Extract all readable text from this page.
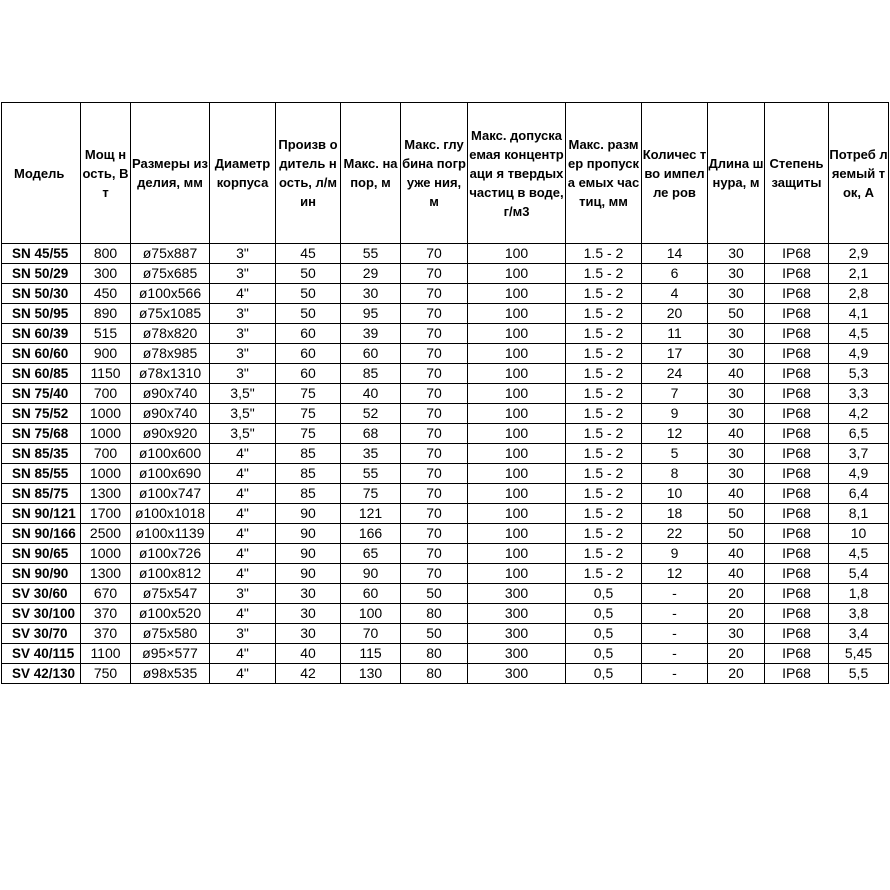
Модель	Мощ ность, Вт	Размеры изделия, мм	Диаметр корпуса	Произв одитель ность, л/мин	Макс. напор, м	Макс. глубина погруже ния, м	Макс. допускаемая концентраци я твердых частиц в воде, г/м3	Макс. размер пропуска емых частиц, мм	Количес тво импелле ров	Длина шнура, м	Степень защиты	Потреб ляемый ток, А
SN 45/55	800	ø75x887	3"	45	55	70	100	1.5 - 2	14	30	IP68	2,9
SN 50/29	300	ø75x685	3"	50	29	70	100	1.5 - 2	6	30	IP68	2,1
SN 50/30	450	ø100x566	4"	50	30	70	100	1.5 - 2	4	30	IP68	2,8
SN 50/95	890	ø75x1085	3"	50	95	70	100	1.5 - 2	20	50	IP68	4,1
SN 60/39	515	ø78x820	3"	60	39	70	100	1.5 - 2	11	30	IP68	4,5
SN 60/60	900	ø78x985	3"	60	60	70	100	1.5 - 2	17	30	IP68	4,9
SN 60/85	1150	ø78x1310	3"	60	85	70	100	1.5 - 2	24	40	IP68	5,3
SN 75/40	700	ø90x740	3,5"	75	40	70	100	1.5 - 2	7	30	IP68	3,3
SN 75/52	1000	ø90x740	3,5"	75	52	70	100	1.5 - 2	9	30	IP68	4,2
SN 75/68	1000	ø90x920	3,5"	75	68	70	100	1.5 - 2	12	40	IP68	6,5
SN 85/35	700	ø100x600	4"	85	35	70	100	1.5 - 2	5	30	IP68	3,7
SN 85/55	1000	ø100x690	4"	85	55	70	100	1.5 - 2	8	30	IP68	4,9
SN 85/75	1300	ø100x747	4"	85	75	70	100	1.5 - 2	10	40	IP68	6,4
SN 90/121	1700	ø100x1018	4"	90	121	70	100	1.5 - 2	18	50	IP68	8,1
SN 90/166	2500	ø100x1139	4"	90	166	70	100	1.5 - 2	22	50	IP68	10
SN 90/65	1000	ø100x726	4"	90	65	70	100	1.5 - 2	9	40	IP68	4,5
SN 90/90	1300	ø100x812	4"	90	90	70	100	1.5 - 2	12	40	IP68	5,4
SV 30/60	670	ø75x547	3"	30	60	50	300	0,5	-	20	IP68	1,8
SV 30/100	370	ø100x520	4"	30	100	80	300	0,5	-	20	IP68	3,8
SV 30/70	370	ø75x580	3"	30	70	50	300	0,5	-	30	IP68	3,4
SV 40/115	1100	ø95×577	4"	40	115	80	300	0,5	-	20	IP68	5,45
SV 42/130	750	ø98x535	4"	42	130	80	300	0,5	-	20	IP68	5,5
